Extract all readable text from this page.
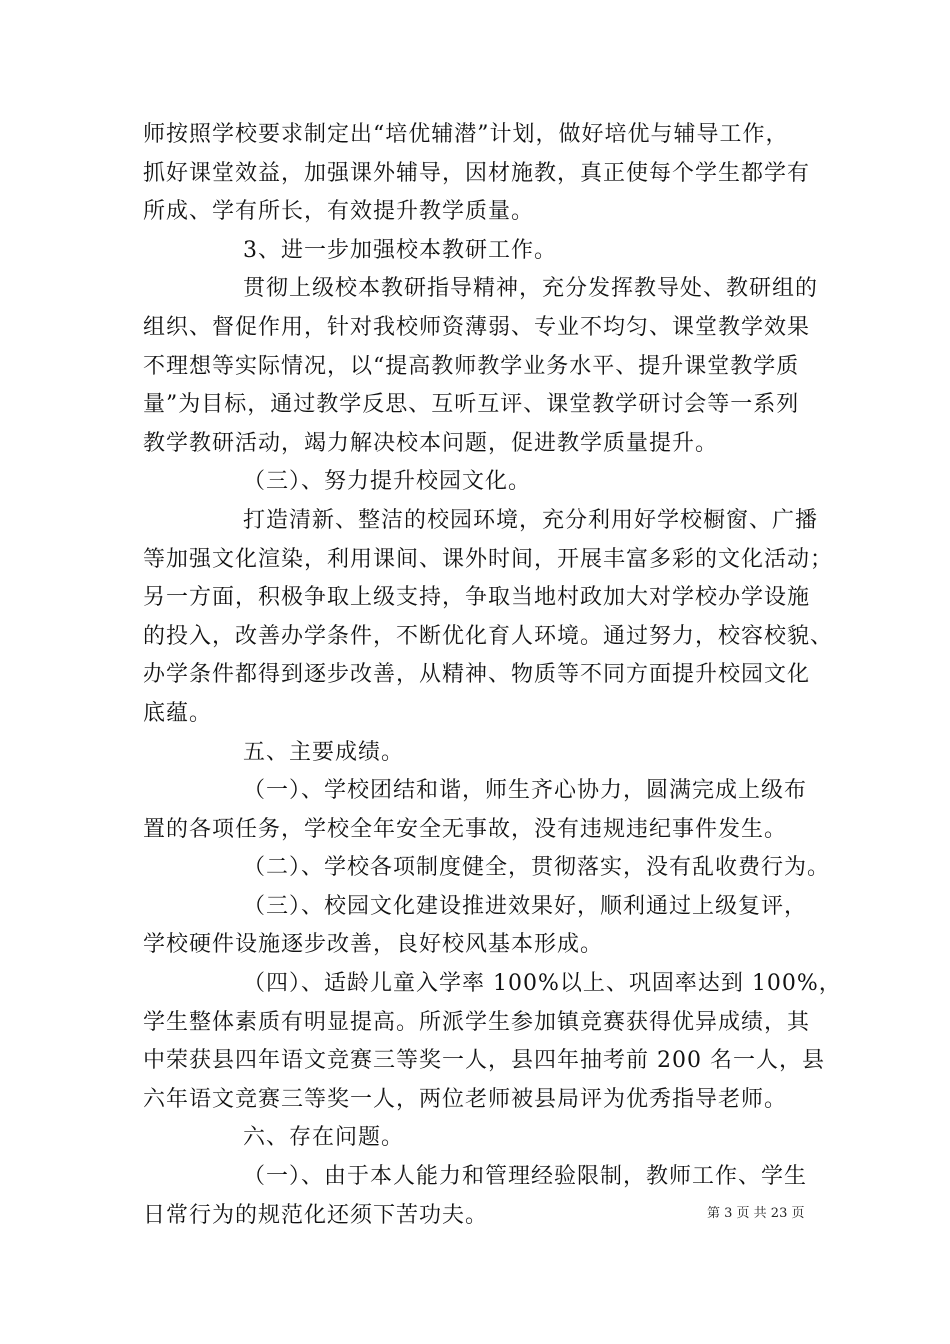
师按照学校要求制定出“培优辅潜”计划，做好培优与辅导工作，
抓好课堂效益，加强课外辅导，因材施教，真正使每个学生都学有
所成、学有所长，有效提升教学质量。
3、进一步加强校本教研工作。
贯彻上级校本教研指导精神，充分发挥教导处、教研组的
组织、督促作用，针对我校师资薄弱、专业不均匀、课堂教学效果
不理想等实际情况，以“提高教师教学业务水平、提升课堂教学质
量”为目标，通过教学反思、互听互评、课堂教学研讨会等一系列
教学教研活动，竭力解决校本问题，促进教学质量提升。
（三）、努力提升校园文化。
打造清新、整洁的校园环境，充分利用好学校橱窗、广播
等加强文化渲染，利用课间、课外时间，开展丰富多彩的文化活动；
另一方面，积极争取上级支持，争取当地村政加大对学校办学设施
的投入，改善办学条件，不断优化育人环境。通过努力，校容校貌、
办学条件都得到逐步改善，从精神、物质等不同方面提升校园文化
底蕴。
五、主要成绩。
（一）、学校团结和谐，师生齐心协力，圆满完成上级布
置的各项任务，学校全年安全无事故，没有违规违纪事件发生。
（二）、学校各项制度健全，贯彻落实，没有乱收费行为。
（三）、校园文化建设推进效果好，顺利通过上级复评，
学校硬件设施逐步改善，良好校风基本形成。
（四）、适龄儿童入学率 100%以上、巩固率达到 100%，
学生整体素质有明显提高。所派学生参加镇竞赛获得优异成绩，其
中荣获县四年语文竞赛三等奖一人，县四年抽考前 200 名一人，县
六年语文竞赛三等奖一人，两位老师被县局评为优秀指导老师。
六、存在问题。
（一）、由于本人能力和管理经验限制，教师工作、学生
日常行为的规范化还须下苦功夫。	第 3 页 共 23 页
